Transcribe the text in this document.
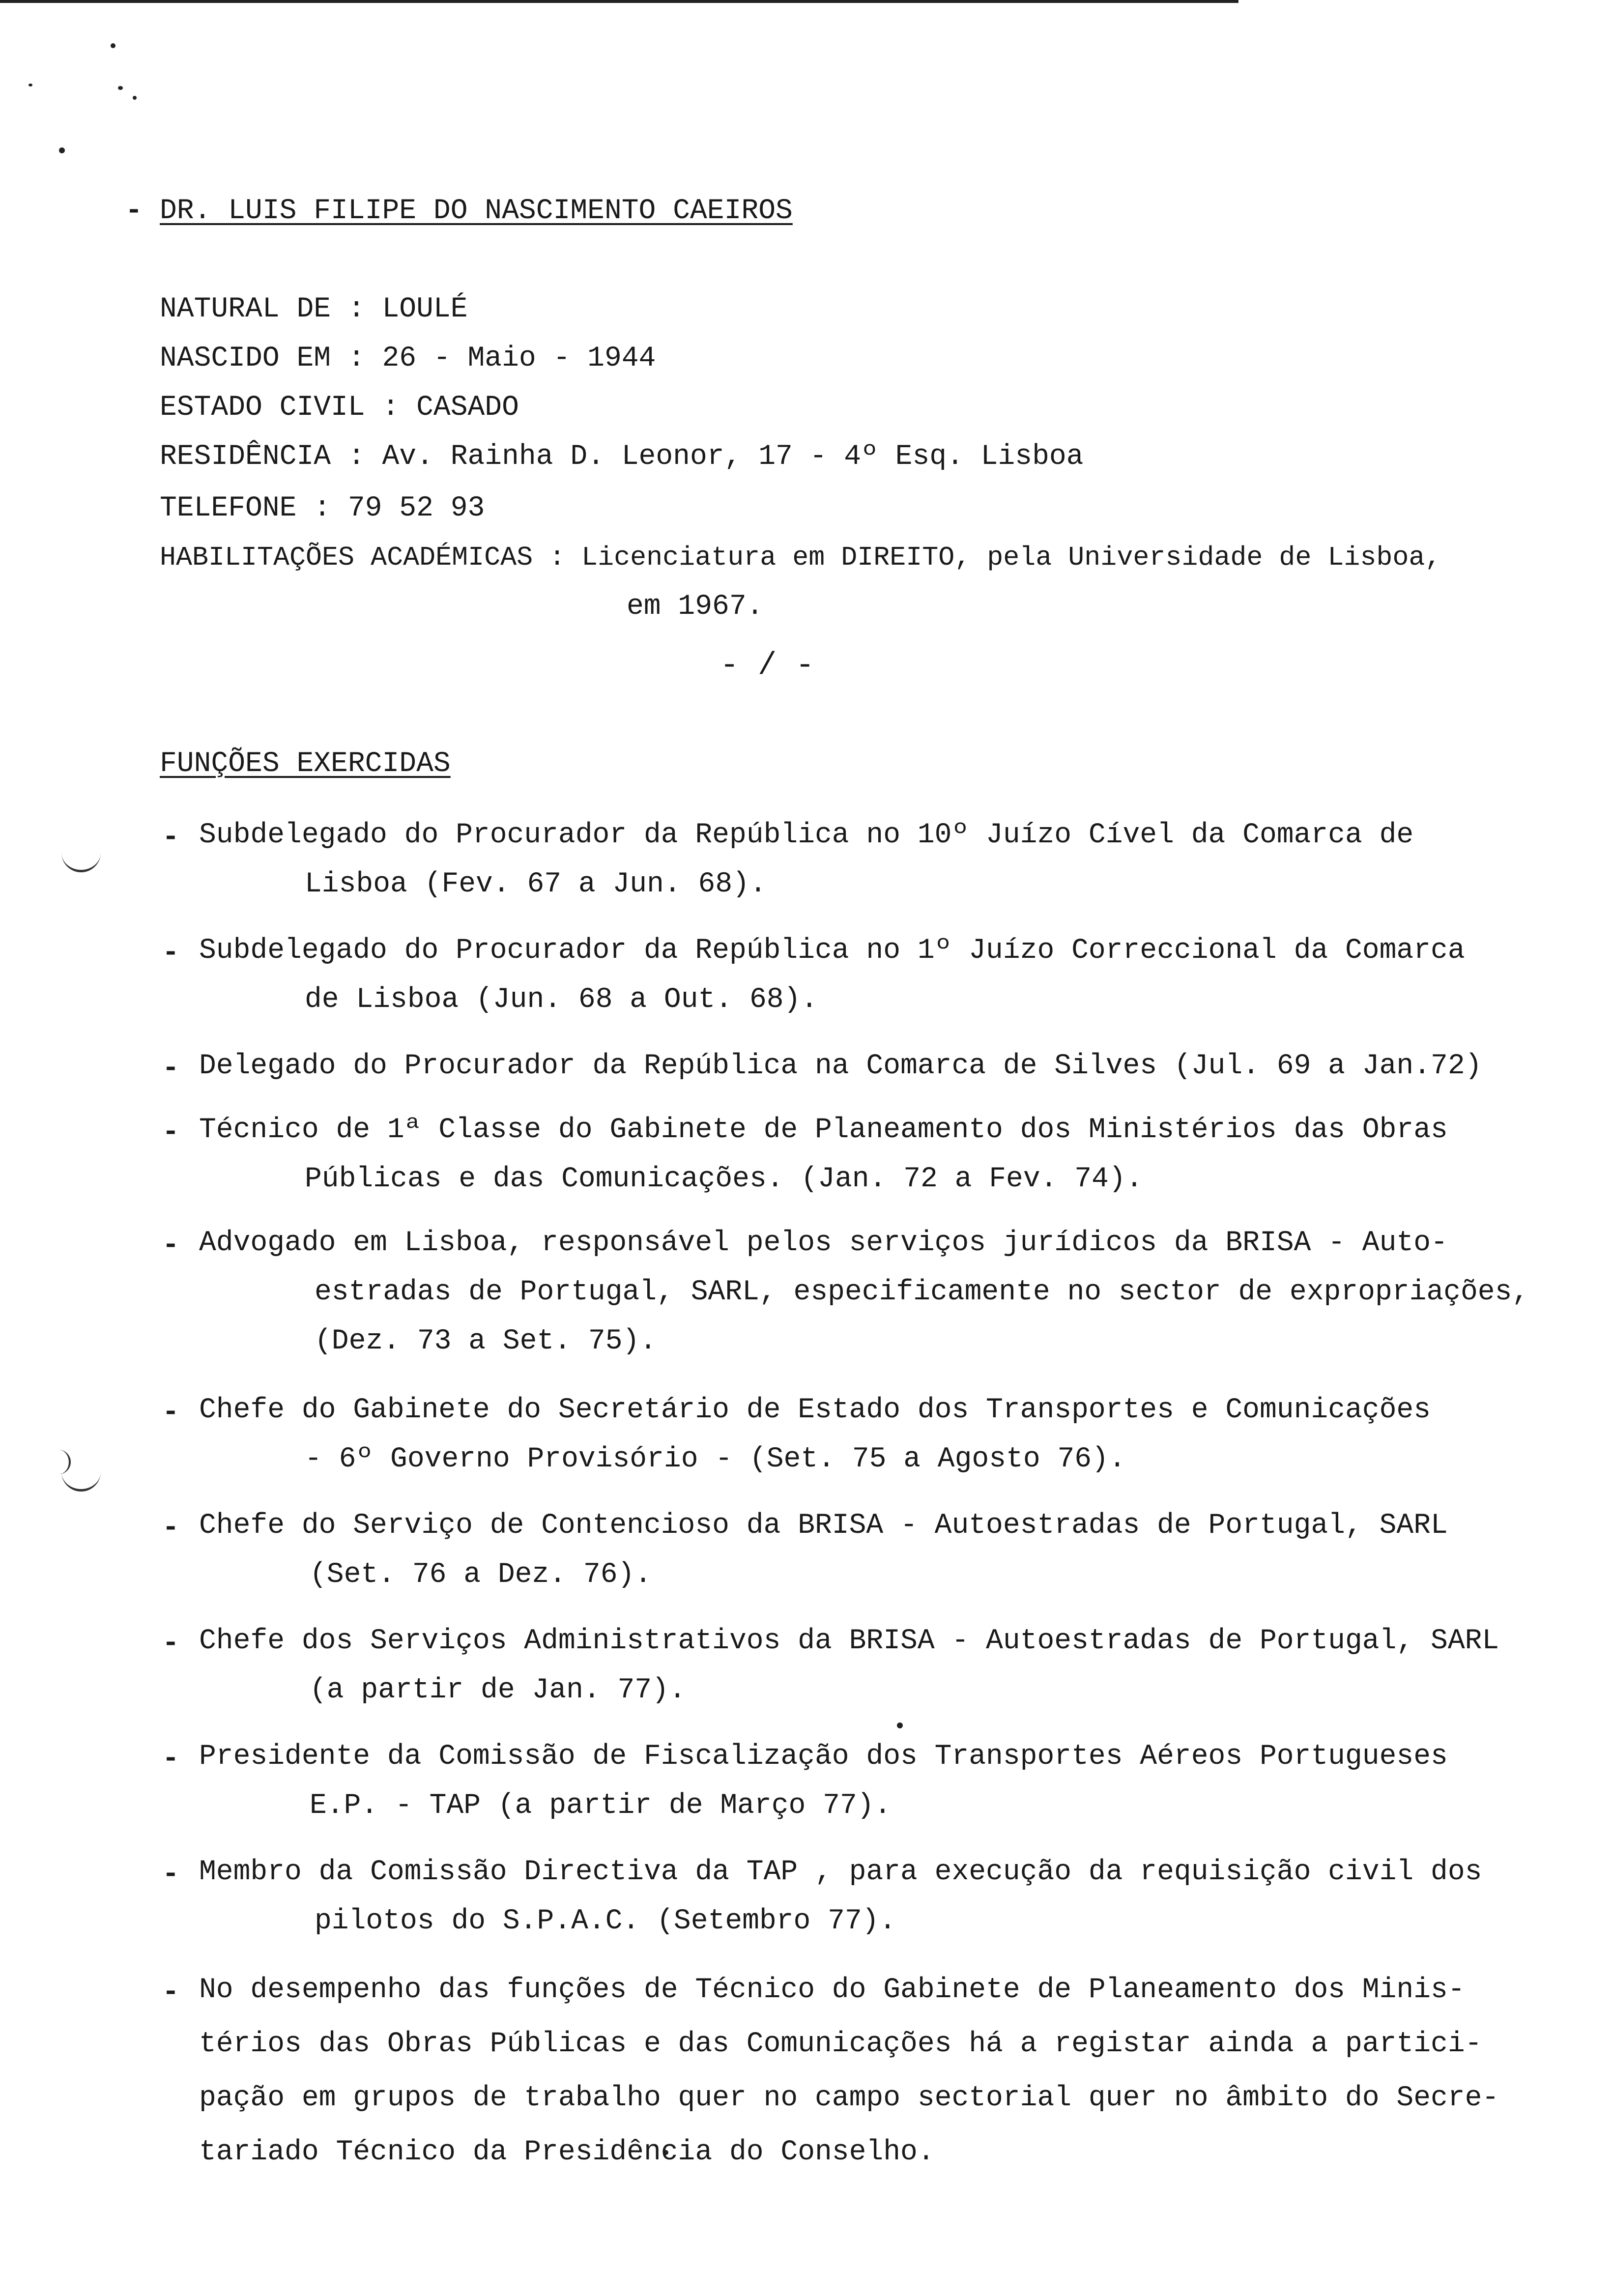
- DR. LUIS FILIPE DO NASCIMENTO CAEIROS
NATURAL DE : LOULÉ
NASCIDO EM : 26 - Maio - 1944
ESTADO CIVIL : CASADO
RESIDÊNCIA : Av. Rainha D. Leonor, 17 - 4º Esq. Lisboa
TELEFONE : 79 52 93
HABILITAÇÕES ACADÉMICAS : Licenciatura em DIREITO, pela Universidade de Lisboa,
em 1967.
- / -
FUNÇÕES EXERCIDAS
- Subdelegado do Procurador da República no 10º Juízo Cível da Comarca de
Lisboa (Fev. 67 a Jun. 68).
- Subdelegado do Procurador da República no 1º Juízo Correccional da Comarca
de Lisboa (Jun. 68 a Out. 68).
- Delegado do Procurador da República na Comarca de Silves (Jul. 69 a Jan.72)
- Técnico de 1ª Classe do Gabinete de Planeamento dos Ministérios das Obras
Públicas e das Comunicações. (Jan. 72 a Fev. 74).
- Advogado em Lisboa, responsável pelos serviços jurídicos da BRISA - Auto-
estradas de Portugal, SARL, especificamente no sector de expropriações,
(Dez. 73 a Set. 75).
- Chefe do Gabinete do Secretário de Estado dos Transportes e Comunicações
- 6º Governo Provisório - (Set. 75 a Agosto 76).
- Chefe do Serviço de Contencioso da BRISA - Autoestradas de Portugal, SARL
(Set. 76 a Dez. 76).
- Chefe dos Serviços Administrativos da BRISA - Autoestradas de Portugal, SARL
(a partir de Jan. 77).
- Presidente da Comissão de Fiscalização dos Transportes Aéreos Portugueses
E.P. - TAP (a partir de Março 77).
- Membro da Comissão Directiva da TAP , para execução da requisição civil dos
pilotos do S.P.A.C. (Setembro 77).
- No desempenho das funções de Técnico do Gabinete de Planeamento dos Minis-
térios das Obras Públicas e das Comunicações há a registar ainda a partici-
pação em grupos de trabalho quer no campo sectorial quer no âmbito do Secre-
tariado Técnico da Presidência do Conselho.
